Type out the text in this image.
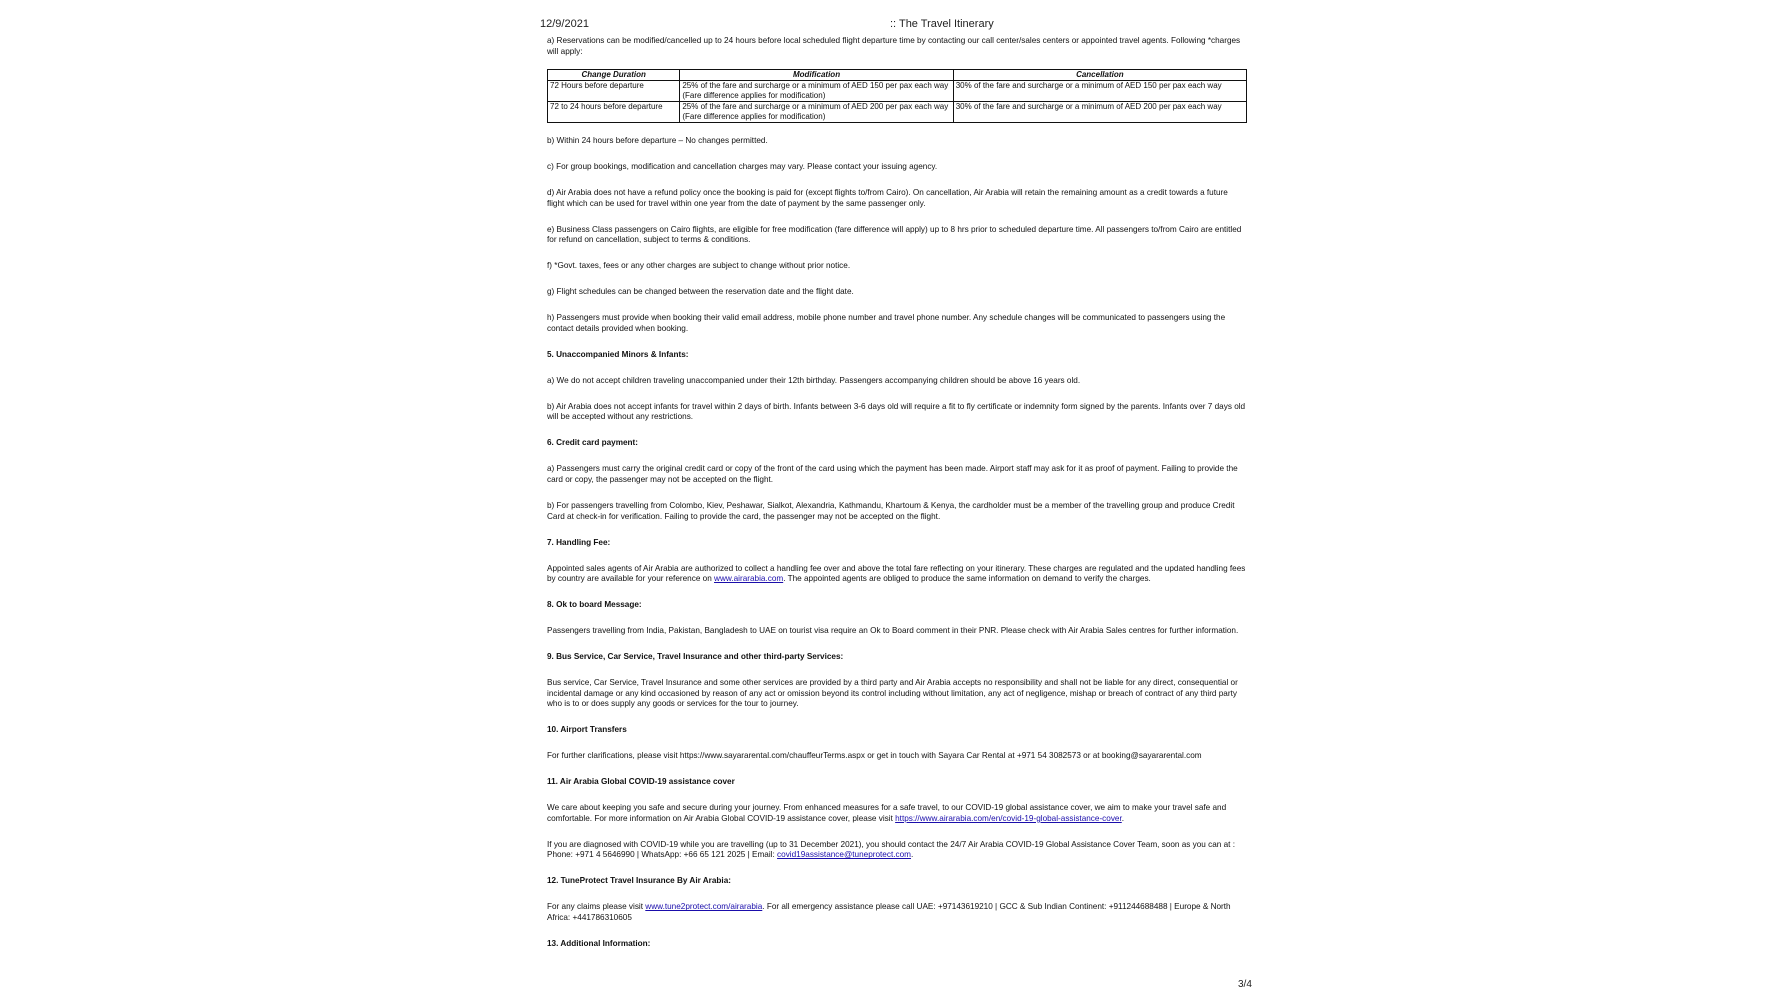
12/9/2021	:: The Travel Itinerary

a) Reservations can be modified/cancelled up to 24 hours before local scheduled flight departure time by contacting our call center/sales centers or appointed travel agents. Following *charges will apply:

Change Duration	Modification	Cancellation
72 Hours before departure	25% of the fare and surcharge or a minimum of AED 150 per pax each way (Fare difference applies for modification)	30% of the fare and surcharge or a minimum of AED 150 per pax each way
72 to 24 hours before departure	25% of the fare and surcharge or a minimum of AED 200 per pax each way (Fare difference applies for modification)	30% of the fare and surcharge or a minimum of AED 200 per pax each way

b) Within 24 hours before departure – No changes permitted.

c) For group bookings, modification and cancellation charges may vary. Please contact your issuing agency.

d) Air Arabia does not have a refund policy once the booking is paid for (except flights to/from Cairo). On cancellation, Air Arabia will retain the remaining amount as a credit towards a future flight which can be used for travel within one year from the date of payment by the same passenger only.

e) Business Class passengers on Cairo flights, are eligible for free modification (fare difference will apply) up to 8 hrs prior to scheduled departure time. All passengers to/from Cairo are entitled for refund on cancellation, subject to terms & conditions.

f) *Govt. taxes, fees or any other charges are subject to change without prior notice.

g) Flight schedules can be changed between the reservation date and the flight date.

h) Passengers must provide when booking their valid email address, mobile phone number and travel phone number. Any schedule changes will be communicated to passengers using the contact details provided when booking.

5. Unaccompanied Minors & Infants:

a) We do not accept children traveling unaccompanied under their 12th birthday. Passengers accompanying children should be above 16 years old.

b) Air Arabia does not accept infants for travel within 2 days of birth. Infants between 3-6 days old will require a fit to fly certificate or indemnity form signed by the parents. Infants over 7 days old will be accepted without any restrictions.

6. Credit card payment:

a) Passengers must carry the original credit card or copy of the front of the card using which the payment has been made. Airport staff may ask for it as proof of payment. Failing to provide the card or copy, the passenger may not be accepted on the flight.

b) For passengers travelling from Colombo, Kiev, Peshawar, Sialkot, Alexandria, Kathmandu, Khartoum & Kenya, the cardholder must be a member of the travelling group and produce Credit Card at check-in for verification. Failing to provide the card, the passenger may not be accepted on the flight.

7. Handling Fee:

Appointed sales agents of Air Arabia are authorized to collect a handling fee over and above the total fare reflecting on your itinerary. These charges are regulated and the updated handling fees by country are available for your reference on www.airarabia.com. The appointed agents are obliged to produce the same information on demand to verify the charges.

8. Ok to board Message:

Passengers travelling from India, Pakistan, Bangladesh to UAE on tourist visa require an Ok to Board comment in their PNR. Please check with Air Arabia Sales centres for further information.

9. Bus Service, Car Service, Travel Insurance and other third-party Services:

Bus service, Car Service, Travel Insurance and some other services are provided by a third party and Air Arabia accepts no responsibility and shall not be liable for any direct, consequential or incidental damage or any kind occasioned by reason of any act or omission beyond its control including without limitation, any act of negligence, mishap or breach of contract of any third party who is to or does supply any goods or services for the tour to journey.

10. Airport Transfers

For further clarifications, please visit https://www.sayararental.com/chauffeurTerms.aspx or get in touch with Sayara Car Rental at +971 54 3082573 or at booking@sayararental.com

11. Air Arabia Global COVID-19 assistance cover

We care about keeping you safe and secure during your journey. From enhanced measures for a safe travel, to our COVID-19 global assistance cover, we aim to make your travel safe and comfortable. For more information on Air Arabia Global COVID-19 assistance cover, please visit https://www.airarabia.com/en/covid-19-global-assistance-cover.

If you are diagnosed with COVID-19 while you are travelling (up to 31 December 2021), you should contact the 24/7 Air Arabia COVID-19 Global Assistance Cover Team, soon as you can at : Phone: +971 4 5646990 | WhatsApp: +66 65 121 2025 | Email: covid19assistance@tuneprotect.com.

12. TuneProtect Travel Insurance By Air Arabia:

For any claims please visit www.tune2protect.com/airarabia. For all emergency assistance please call UAE: +97143619210 | GCC & Sub Indian Continent: +911244688488 | Europe & North Africa: +441786310605

13. Additional Information:
3/4
